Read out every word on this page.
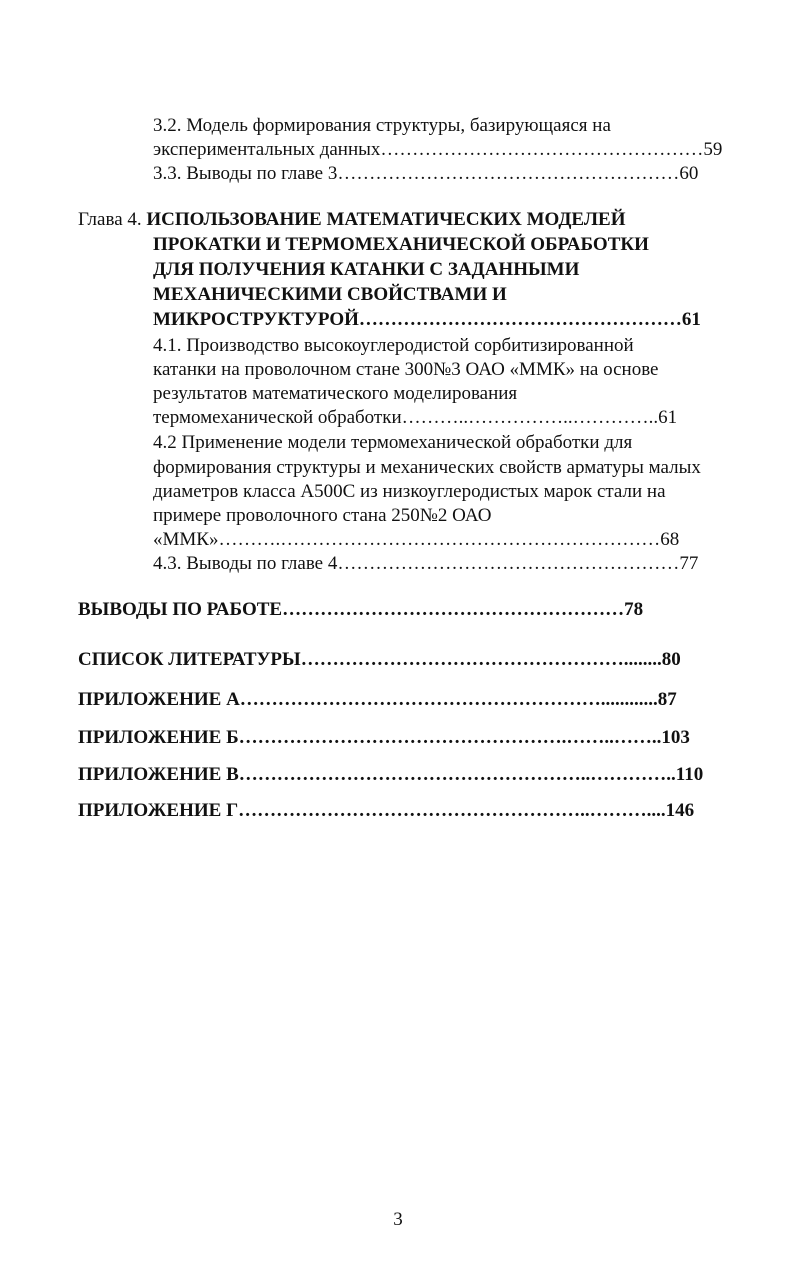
3.2. Модель формирования структуры, базирующаяся на
экспериментальных данных……………………………………………59
3.3. Выводы по главе 3………………………………………………60
Глава 4. ИСПОЛЬЗОВАНИЕ МАТЕМАТИЧЕСКИХ МОДЕЛЕЙ
ПРОКАТКИ И ТЕРМОМЕХАНИЧЕСКОЙ ОБРАБОТКИ
ДЛЯ ПОЛУЧЕНИЯ КАТАНКИ С ЗАДАННЫМИ
МЕХАНИЧЕСКИМИ СВОЙСТВАМИ И
МИКРОСТРУКТУРОЙ……………………………………………61
4.1. Производство высокоуглеродистой сорбитизированной
катанки на проволочном стане 300№3 ОАО «ММК» на основе
результатов математического моделирования
термомеханической обработки………..……………..…………..61
4.2 Применение модели термомеханической обработки для
формирования структуры и механических свойств арматуры малых
диаметров класса А500С из низкоуглеродистых марок стали на
примере проволочного стана 250№2 ОАО
«ММК»……….……………………………………………………68
4.3. Выводы по главе 4………………………………………………77
ВЫВОДЫ ПО РАБОТЕ………………………………………………78
СПИСОК ЛИТЕРАТУРЫ……………………………………………........80
ПРИЛОЖЕНИЕ А…………………………………………………............87
ПРИЛОЖЕНИЕ Б…………………………………………….……..……..103
ПРИЛОЖЕНИЕ В………………………………………………..…………..110
ПРИЛОЖЕНИЕ Г………………………………………………..………....146
3
